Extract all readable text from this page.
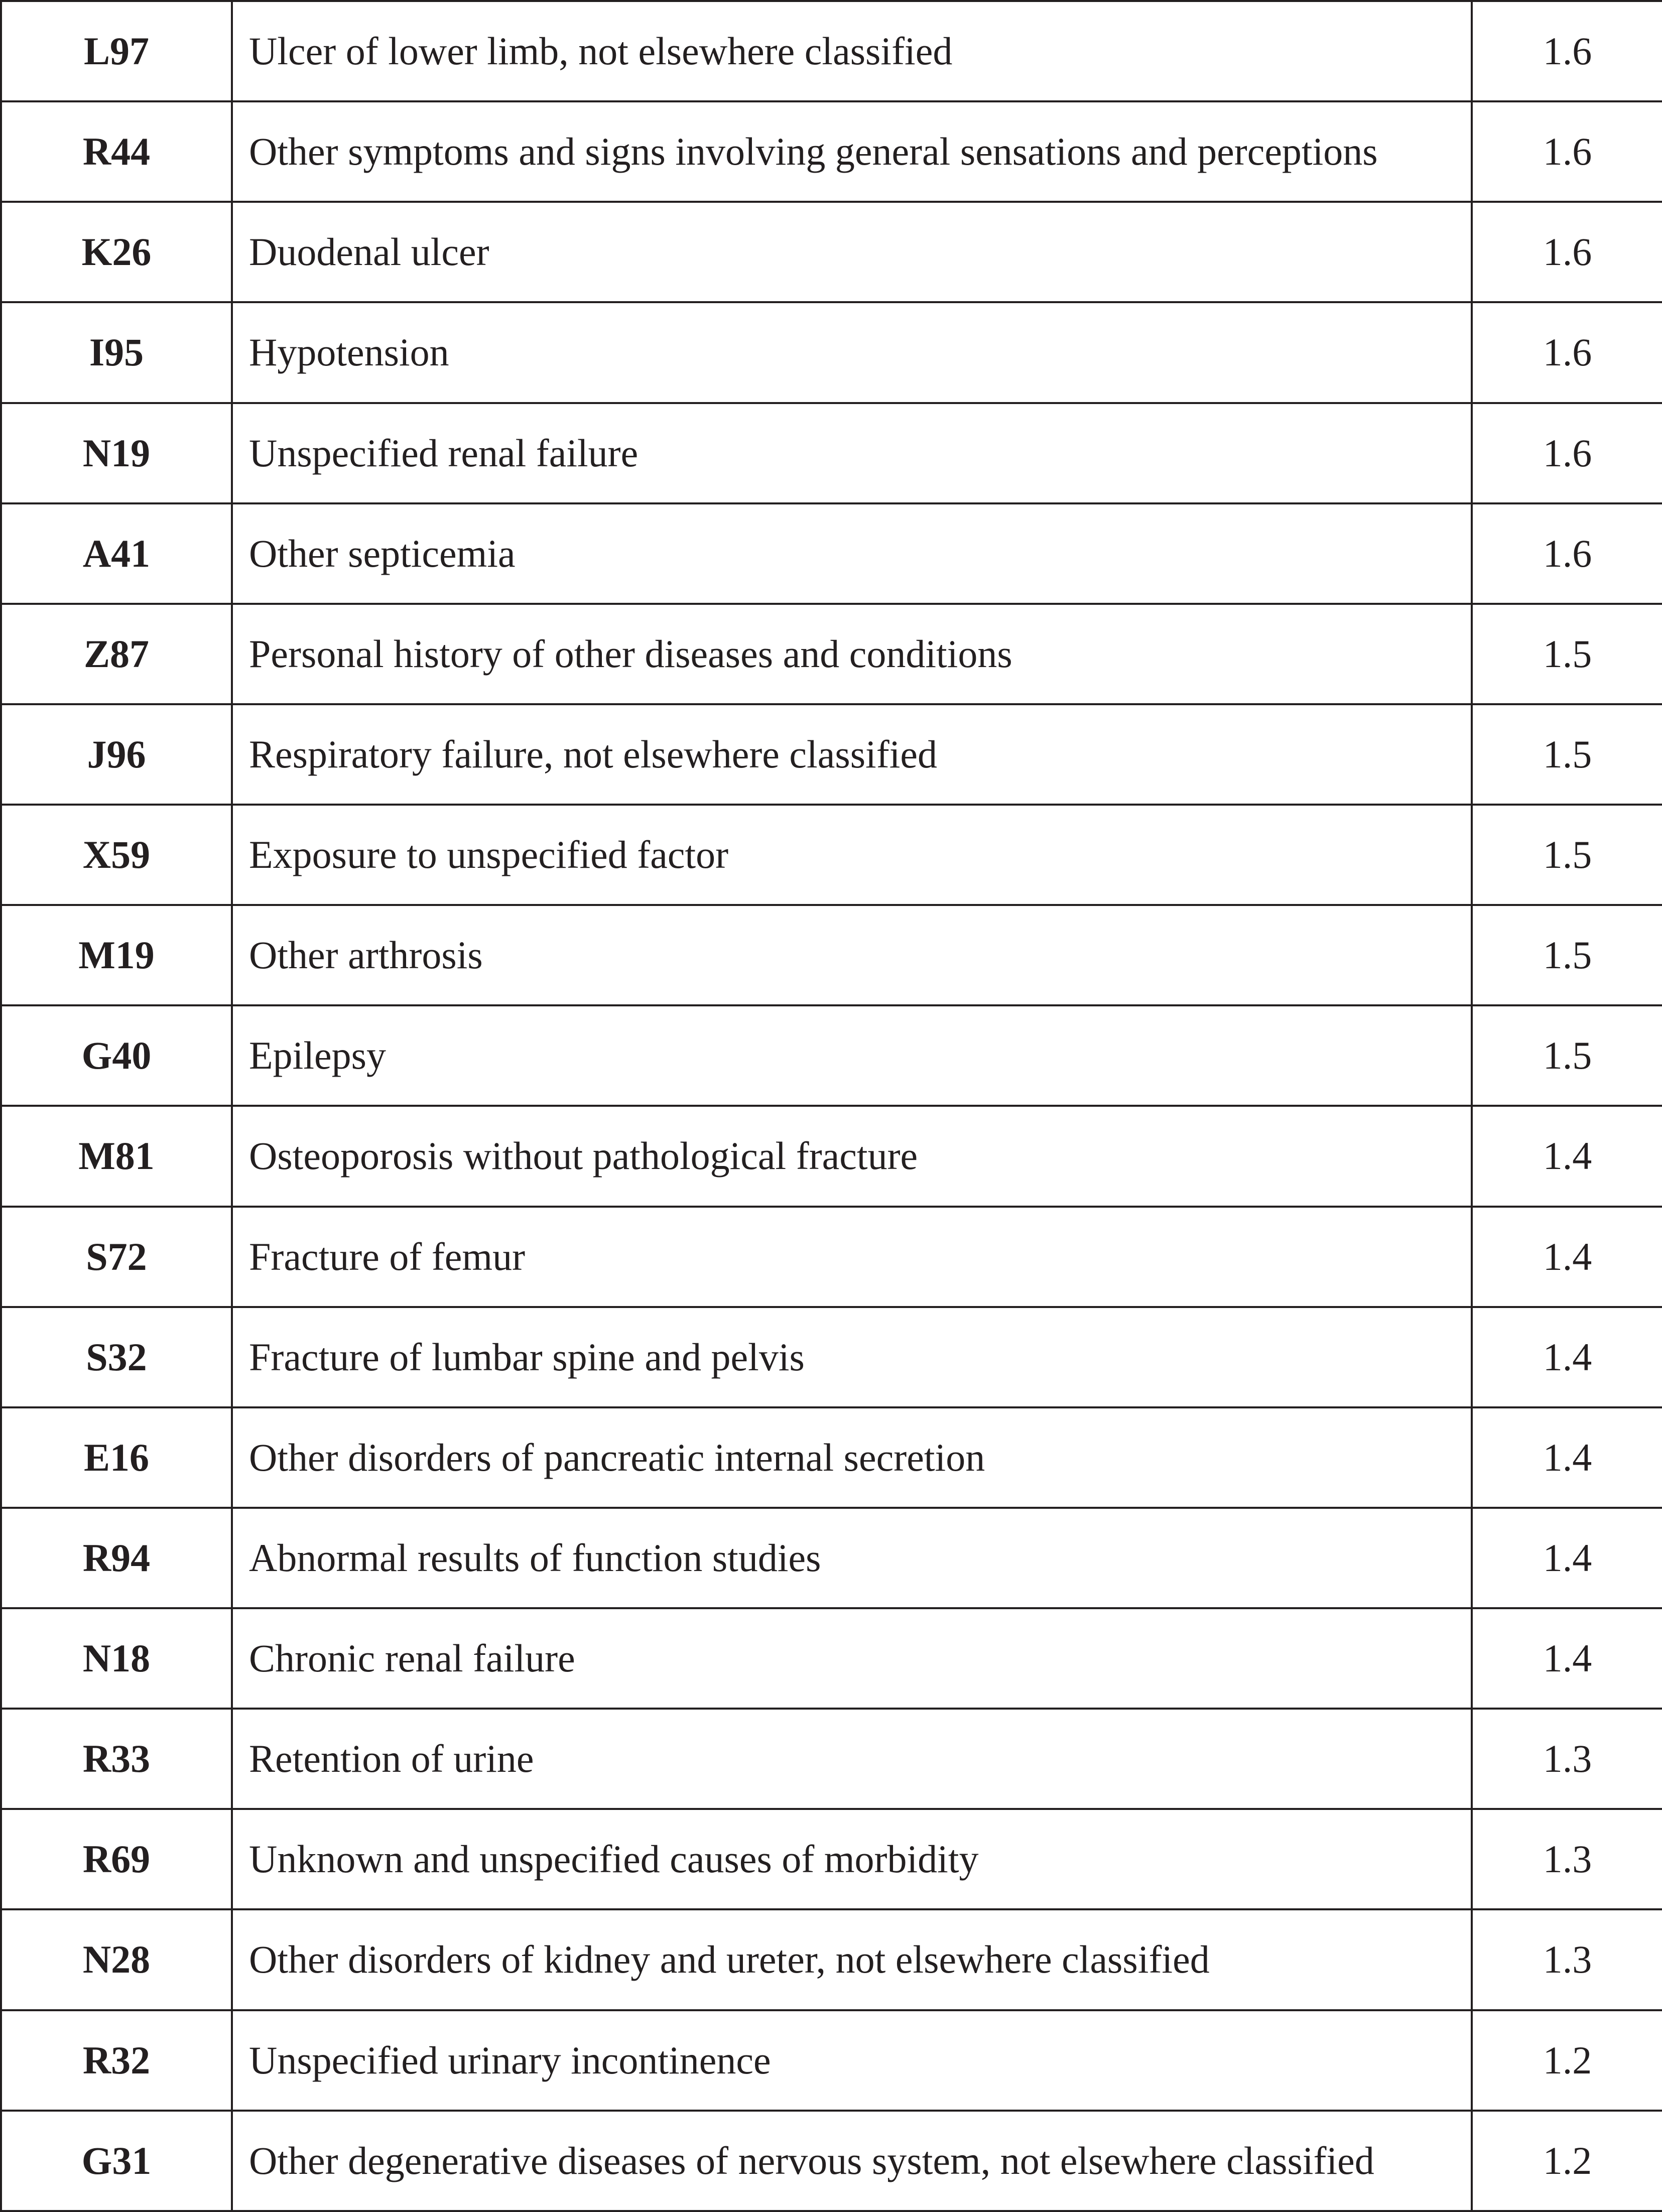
L97	Ulcer of lower limb, not elsewhere classified	1.6
R44	Other symptoms and signs involving general sensations and perceptions	1.6
K26	Duodenal ulcer	1.6
I95	Hypotension	1.6
N19	Unspecified renal failure	1.6
A41	Other septicemia	1.6
Z87	Personal history of other diseases and conditions	1.5
J96	Respiratory failure, not elsewhere classified	1.5
X59	Exposure to unspecified factor	1.5
M19	Other arthrosis	1.5
G40	Epilepsy	1.5
M81	Osteoporosis without pathological fracture	1.4
S72	Fracture of femur	1.4
S32	Fracture of lumbar spine and pelvis	1.4
E16	Other disorders of pancreatic internal secretion	1.4
R94	Abnormal results of function studies	1.4
N18	Chronic renal failure	1.4
R33	Retention of urine	1.3
R69	Unknown and unspecified causes of morbidity	1.3
N28	Other disorders of kidney and ureter, not elsewhere classified	1.3
R32	Unspecified urinary incontinence	1.2
G31	Other degenerative diseases of nervous system, not elsewhere classified	1.2
